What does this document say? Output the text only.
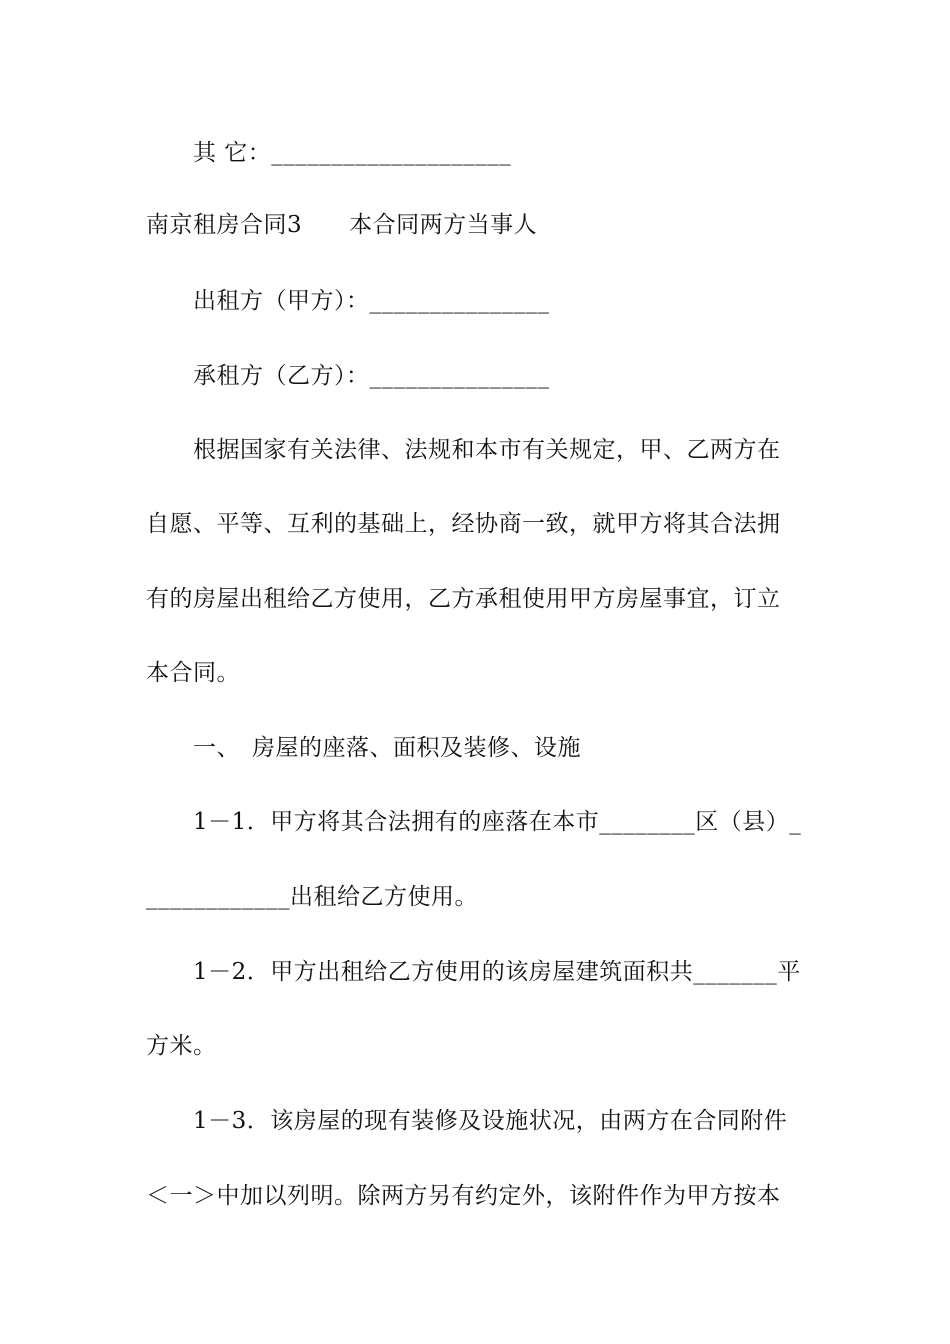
其 它：____________________
南京租房合同3　　本合同两方当事人
出租方（甲方）：_______________
承租方（乙方）：_______________
根据国家有关法律、法规和本市有关规定，甲、乙两方在
自愿、平等、互利的基础上，经协商一致，就甲方将其合法拥
有的房屋出租给乙方使用，乙方承租使用甲方房屋事宜，订立
本合同。
一、　房屋的座落、面积及装修、设施
1－1．甲方将其合法拥有的座落在本市________区（县）_
____________出租给乙方使用。
1－2．甲方出租给乙方使用的该房屋建筑面积共_______平
方米。
1－3．该房屋的现有装修及设施状况，由两方在合同附件
＜一＞中加以列明。除两方另有约定外，该附件作为甲方按本
